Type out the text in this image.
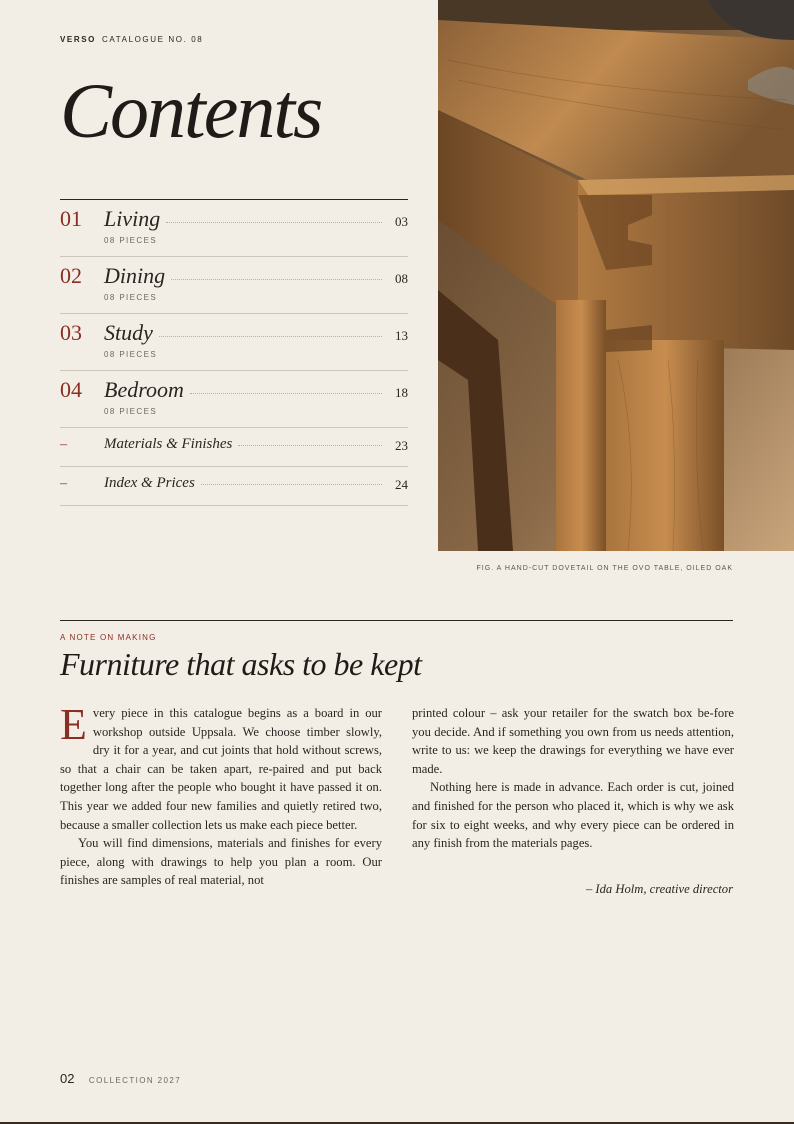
VERSO CATALOGUE NO. 08
Contents
01 Living	03
08 PIECES
02 Dining	08
08 PIECES
03 Study	13
08 PIECES
04 Bedroom	18
08 PIECES
– Materials & Finishes	23
– Index & Prices	24
FIG. A HAND-CUT DOVETAIL ON THE OVO TABLE, OILED OAK
A NOTE ON MAKING
Furniture that asks to be kept

Every piece in this catalogue begins as a board in our workshop outside Uppsala. We choose timber slowly, dry it for a year, and cut joints that hold without screws, so that a chair can be taken apart, re-paired and put back together long after the people who bought it have passed it on. This year we added four new families and quietly retired two, because a smaller collection lets us make each piece better.

You will find dimensions, materials and finishes for every piece, along with drawings to help you plan a room. Our finishes are samples of real material, not

printed colour – ask your retailer for the swatch box be-fore you decide. And if something you own from us needs attention, write to us: we keep the drawings for everything we have ever made.

Nothing here is made in advance. Each order is cut, joined and finished for the person who placed it, which is why we ask for six to eight weeks, and why every piece can be ordered in any finish from the materials pages.

– Ida Holm, creative director
02 COLLECTION 2027
